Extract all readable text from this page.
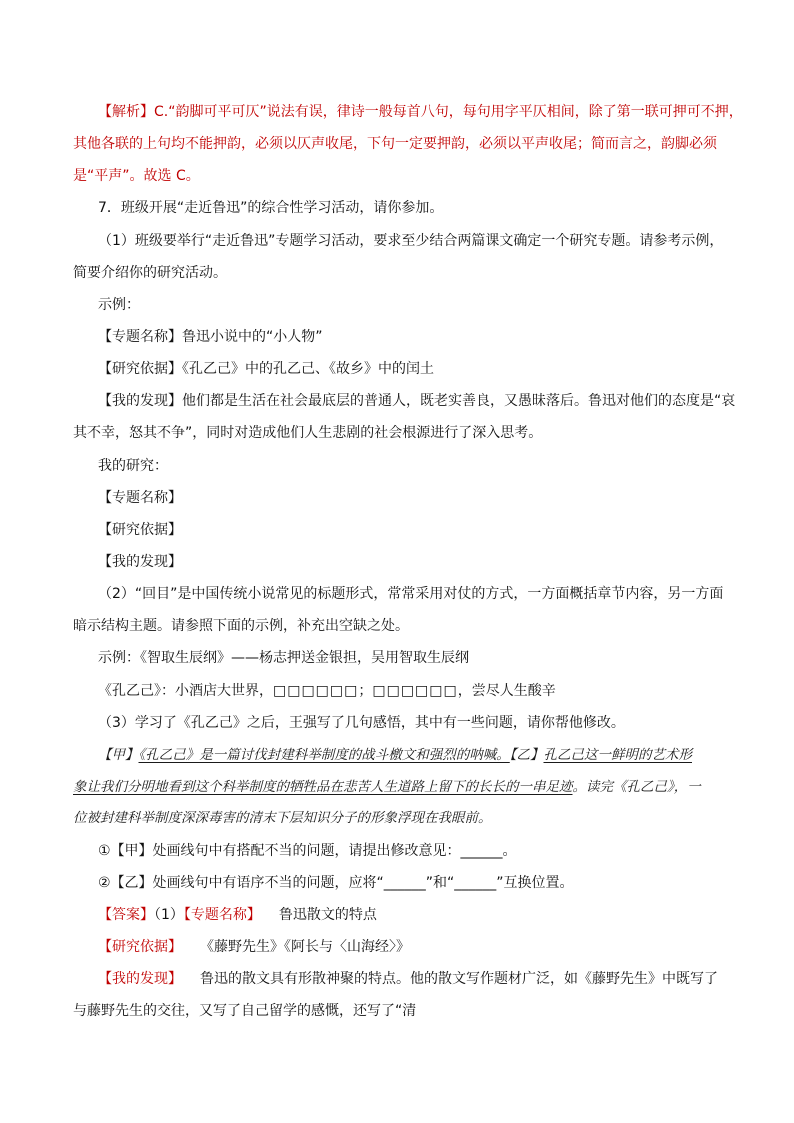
【解析】C.“韵脚可平可仄”说法有误，律诗一般每首八句，每句用字平仄相间，除了第一联可押可不押，
其他各联的上句均不能押韵，必须以仄声收尾，下句一定要押韵，必须以平声收尾；简而言之，韵脚必须
是“平声”。故选 C。
7．班级开展“走近鲁迅”的综合性学习活动，请你参加。
（1）班级要举行“走近鲁迅”专题学习活动，要求至少结合两篇课文确定一个研究专题。请参考示例，
简要介绍你的研究活动。
示例：
【专题名称】鲁迅小说中的“小人物”
【研究依据】《孔乙己》中的孔乙己、《故乡》中的闰土
【我的发现】他们都是生活在社会最底层的普通人，既老实善良，又愚昧落后。鲁迅对他们的态度是“哀
其不幸，怒其不争”，同时对造成他们人生悲剧的社会根源进行了深入思考。
我的研究：
【专题名称】
【研究依据】
【我的发现】
（2）“回目”是中国传统小说常见的标题形式，常常采用对仗的方式，一方面概括章节内容，另一方面
暗示结构主题。请参照下面的示例，补充出空缺之处。
示例：《智取生辰纲》——杨志押送金银担，吴用智取生辰纲
《孔乙己》：小酒店大世界，□□□□□□；□□□□□□，尝尽人生酸辛
（3）学习了《孔乙己》之后，王强写了几句感悟，其中有一些问题，请你帮他修改。
【甲】《孔乙己》是一篇讨伐封建科举制度的战斗檄文和强烈的呐喊。【乙】孔乙己这一鲜明的艺术形
象让我们分明地看到这个科举制度的牺牲品在悲苦人生道路上留下的长长的一串足迹。读完《孔乙己》，一
位被封建科举制度深深毒害的清末下层知识分子的形象浮现在我眼前。
①【甲】处画线句中有搭配不当的问题，请提出修改意见：______。
②【乙】处画线句中有语序不当的问题，应将“______”和“______”互换位置。
【答案】（1）【专题名称】 鲁迅散文的特点
【研究依据】 《藤野先生》《阿长与〈山海经〉》
【我的发现】 鲁迅的散文具有形散神聚的特点。他的散文写作题材广泛，如《藤野先生》中既写了
与藤野先生的交往，又写了自己留学的感慨，还写了“清
